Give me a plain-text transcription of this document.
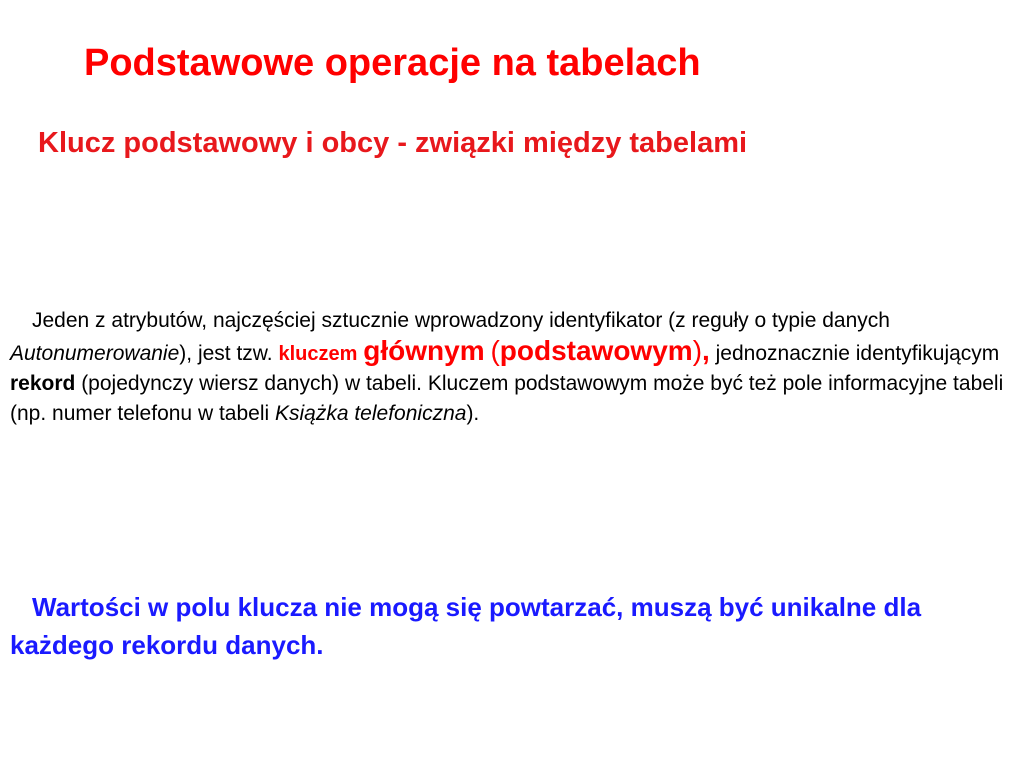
Podstawowe operacje na tabelach
Klucz podstawowy i obcy - związki między tabelami

Jeden z atrybutów, najczęściej sztucznie wprowadzony identyfikator (z reguły o typie danych Autonumerowanie), jest tzw. kluczem głównym (podstawowym), jednoznacznie identyfikującym rekord (pojedynczy wiersz danych) w tabeli. Kluczem podstawowym może być też pole informacyjne tabeli (np. numer telefonu w tabeli Książka telefoniczna).

Wartości w polu klucza nie mogą się powtarzać, muszą być unikalne dla każdego rekordu danych.
